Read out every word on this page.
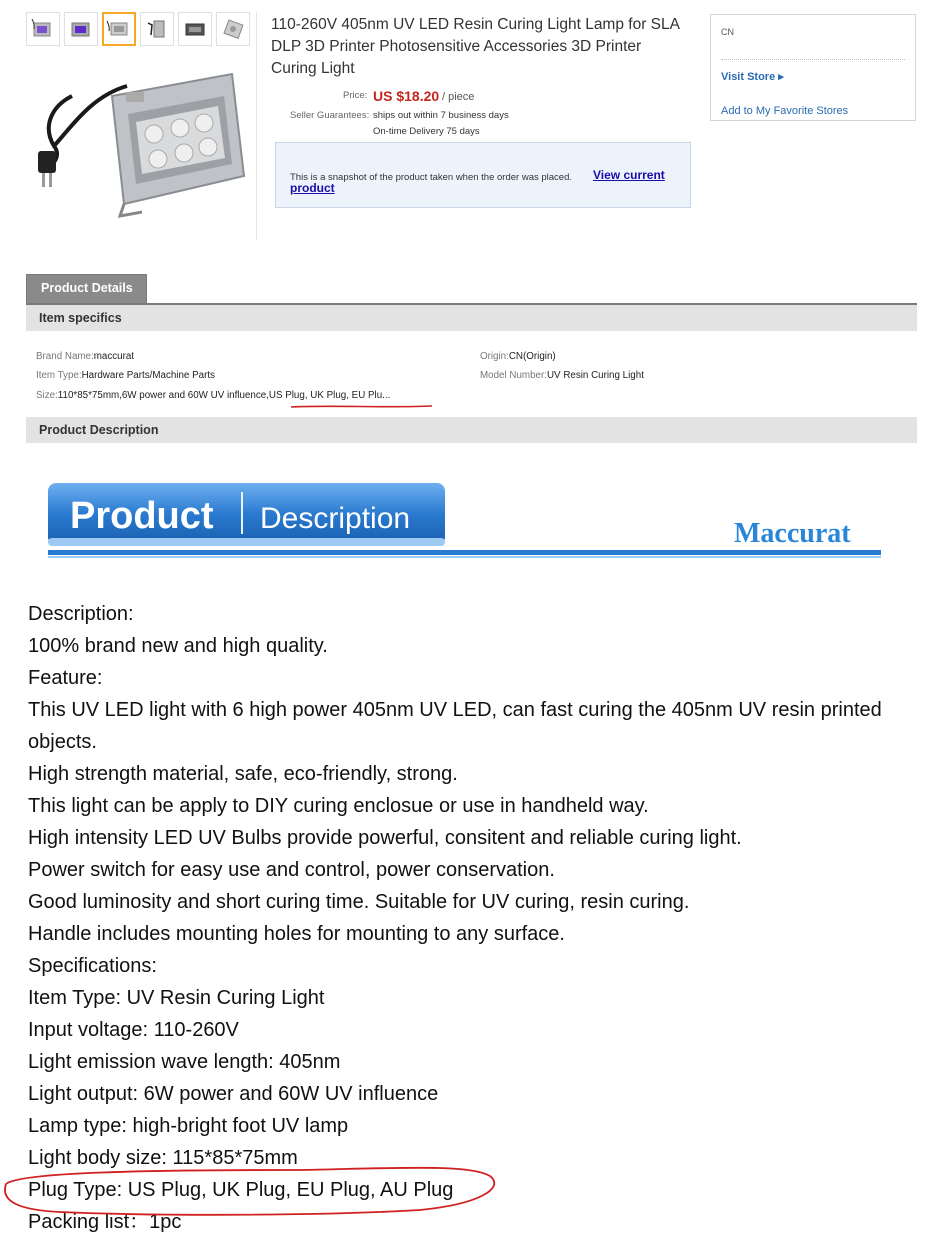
110-260V 405nm UV LED Resin Curing Light Lamp for SLA DLP 3D Printer Photosensitive Accessories 3D Printer Curing Light
Price: US $18.20 / piece
Seller Guarantees: ships out within 7 business days
On-time Delivery 75 days
This is a snapshot of the product taken when the order was placed. View current
product
CN
Visit Store ▸
Add to My Favorite Stores
Product Details
Item specifics
Brand Name:maccurat
Item Type:Hardware Parts/Machine Parts
Size:110*85*75mm,6W power and 60W UV influence,US Plug, UK Plug, EU Plu...
Origin:CN(Origin)
Model Number:UV Resin Curing Light
Product Description
Product Description	Maccurat

Description:

100% brand new and high quality.

Feature:

This UV LED light with 6 high power 405nm UV LED, can fast curing the 405nm UV resin printed objects.

High strength material, safe, eco-friendly, strong.

This light can be apply to DIY curing enclosue or use in handheld way.

High intensity LED UV Bulbs provide powerful, consitent and reliable curing light.

Power switch for easy use and control, power conservation.

Good luminosity and short curing time. Suitable for UV curing, resin curing.

Handle includes mounting holes for mounting to any surface.

Specifications:

Item Type: UV Resin Curing Light

Input voltage: 110-260V

Light emission wave length: 405nm

Light output: 6W power and 60W UV influence

Lamp type: high-bright foot UV lamp

Light body size: 115*85*75mm

Plug Type: US Plug, UK Plug, EU Plug, AU Plug

Packing list：1pc
